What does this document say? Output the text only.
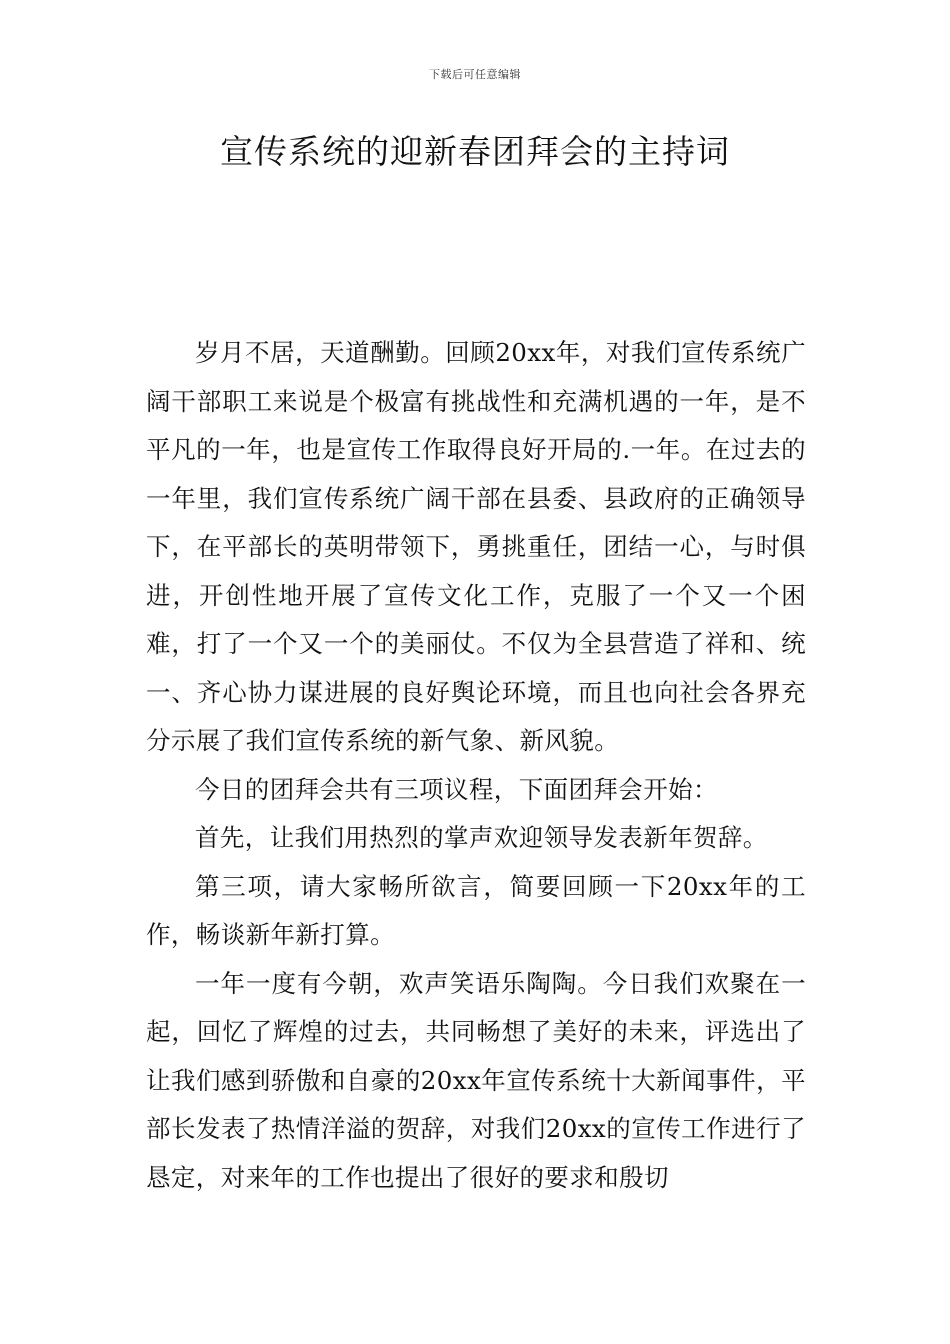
下载后可任意编辑
宣传系统的迎新春团拜会的主持词

岁月不居，天道酬勤。回顾20xx年，对我们宣传系统广阔干部职工来说是个极富有挑战性和充满机遇的一年，是不平凡的一年，也是宣传工作取得良好开局的.一年。在过去的一年里，我们宣传系统广阔干部在县委、县政府的正确领导下，在平部长的英明带领下，勇挑重任，团结一心，与时俱进，开创性地开展了宣传文化工作，克服了一个又一个困难，打了一个又一个的美丽仗。不仅为全县营造了祥和、统一、齐心协力谋进展的良好舆论环境，而且也向社会各界充分示展了我们宣传系统的新气象、新风貌。

今日的团拜会共有三项议程，下面团拜会开始：

首先，让我们用热烈的掌声欢迎领导发表新年贺辞。

第三项，请大家畅所欲言，简要回顾一下20xx年的工作，畅谈新年新打算。

一年一度有今朝，欢声笑语乐陶陶。今日我们欢聚在一起，回忆了辉煌的过去，共同畅想了美好的未来，评选出了让我们感到骄傲和自豪的20xx年宣传系统十大新闻事件，平部长发表了热情洋溢的贺辞，对我们20xx的宣传工作进行了恳定，对来年的工作也提出了很好的要求和殷切
